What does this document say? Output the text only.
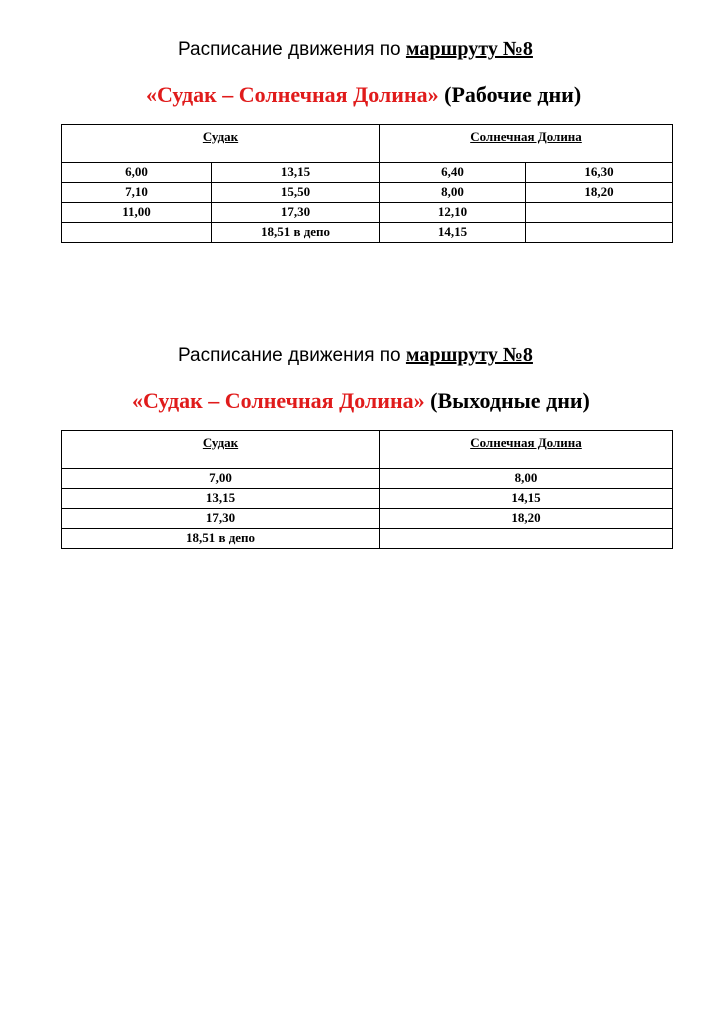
Расписание движения по маршруту №8
«Судак – Солнечная Долина» (Рабочие дни)
Судак		Солнечная Долина	
6,00	13,15	6,40	16,30
7,10	15,50	8,00	18,20
11,00	17,30	12,10	
	18,51 в депо	14,15	
Расписание движения по маршруту №8
«Судак – Солнечная Долина» (Выходные дни)
Судак	Солнечная Долина
7,00	8,00
13,15	14,15
17,30	18,20
18,51 в депо	
